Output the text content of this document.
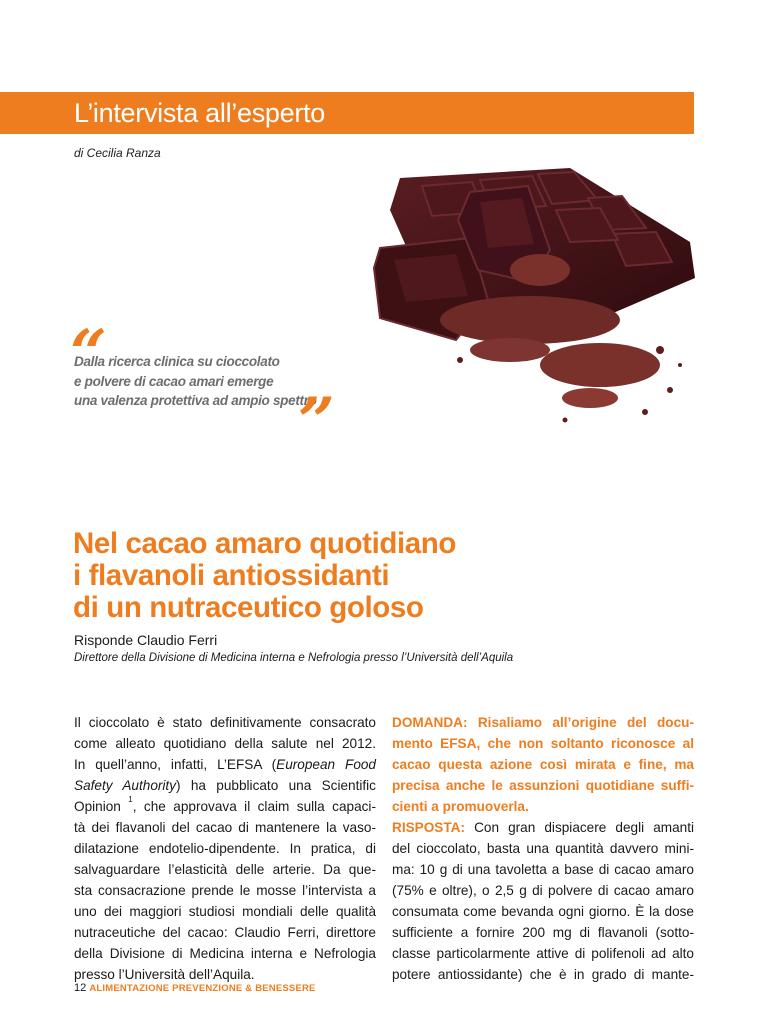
L’intervista all’esperto
di Cecilia Ranza
“
Dalla ricerca clinica su cioccolato
e polvere di cacao amari emerge
una valenza protettiva ad ampio spettro
”
Nel cacao amaro quotidiano
i flavanoli antiossidanti
di un nutraceutico goloso
Risponde Claudio Ferri
Direttore della Divisione di Medicina interna e Nefrologia presso l’Università dell’Aquila
Il cioccolato è stato definitivamente consacrato
come alleato quotidiano della salute nel 2012.
In quell’anno, infatti, L’EFSA (European Food
Safety Authority) ha pubblicato una Scientific
Opinion $^1$, che approvava il claim sulla capaci-
tà dei flavanoli del cacao di mantenere la vaso-
dilatazione endotelio-dipendente. In pratica, di
salvaguardare l’elasticità delle arterie. Da que-
sta consacrazione prende le mosse l’intervista a
uno dei maggiori studiosi mondiali delle qualità
nutraceutiche del cacao: Claudio Ferri, direttore
della Divisione di Medicina interna e Nefrologia
presso l’Università dell’Aquila.
DOMANDA: Risaliamo all’origine del docu-
mento EFSA, che non soltanto riconosce al
cacao questa azione così mirata e fine, ma
precisa anche le assunzioni quotidiane suffi-
cienti a promuoverla.
RISPOSTA: Con gran dispiacere degli amanti
del cioccolato, basta una quantità davvero mini-
ma: 10 g di una tavoletta a base di cacao amaro
(75% e oltre), o 2,5 g di polvere di cacao amaro
consumata come bevanda ogni giorno. È la dose
sufficiente a fornire 200 mg di flavanoli (sotto-
classe particolarmente attive di polifenoli ad alto
potere antiossidante) che è in grado di mante-
12 ALIMENTAZIONE PREVENZIONE & BENESSERE
